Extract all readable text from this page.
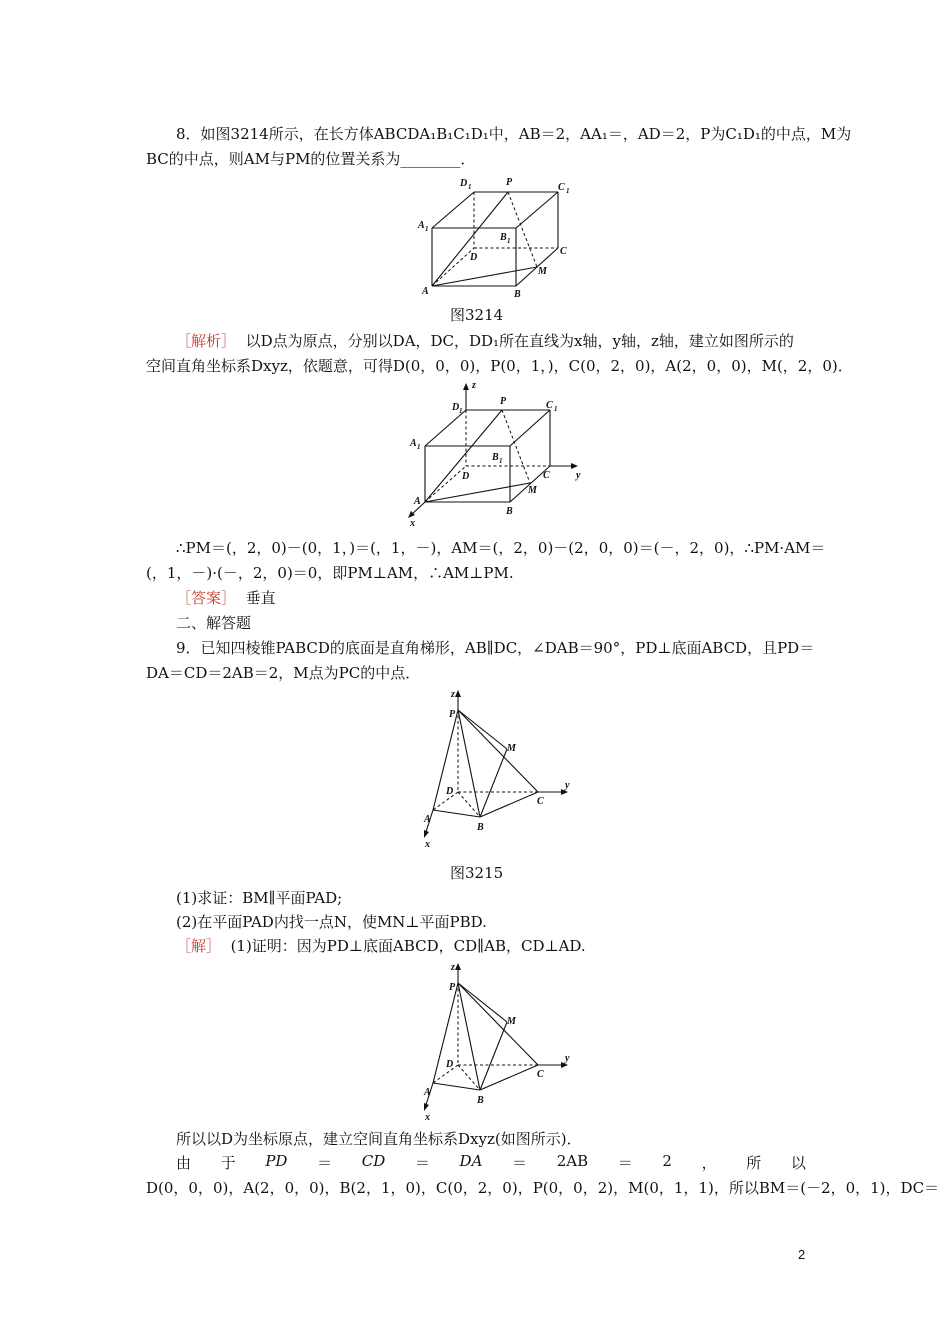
8．如图3214所示，在长方体ABCDA₁B₁C₁D₁中，AB＝2，AA₁＝，AD＝2，P为C₁D₁的中点，M为
BC的中点，则AM与PM的位置关系为________．
D 1	P	C 1
A 1
B 1
D
C
M
A	B
图3214
［解析］ 以D点为原点，分别以DA，DC，DD₁所在直线为x轴，y轴，z轴，建立如图所示的
空间直角坐标系Dxyz，依题意，可得D(0，0，0)，P(0，1，)，C(0，2，0)，A(2，0，0)，M(，2，0)．
z
y
x
D 1
P	C 1
A 1
B 1
D	C
M
A
B
∴PM＝(，2，0)－(0，1，)＝(，1，－)，AM＝(，2，0)－(2，0，0)＝(－，2，0)，∴PM·AM＝
(，1，－)·(－，2，0)＝0，即PM⊥AM，∴AM⊥PM.
［答案］ 垂直
二、解答题
9．已知四棱锥PABCD的底面是直角梯形，AB∥DC，∠DAB＝90°，PD⊥底面ABCD，且PD＝
DA＝CD＝2AB＝2，M点为PC的中点．
z
y
x
P
M
D
C
A
B
图3215
(1)求证：BM∥平面PAD;
(2)在平面PAD内找一点N，使MN⊥平面PBD.
［解］ (1)证明：因为PD⊥底面ABCD，CD∥AB，CD⊥AD.
z
y
x
P
M
D
C
A
B
所以以D为坐标原点，建立空间直角坐标系Dxyz(如图所示)．
由 于 PD ＝ CD ＝ DA ＝ 2AB ＝ 2 ， 所 以
D(0，0，0)，A(2，0，0)，B(2，1，0)，C(0，2，0)，P(0，0，2)，M(0，1，1)，所以BM＝(－2，0，1)，DC＝
2
